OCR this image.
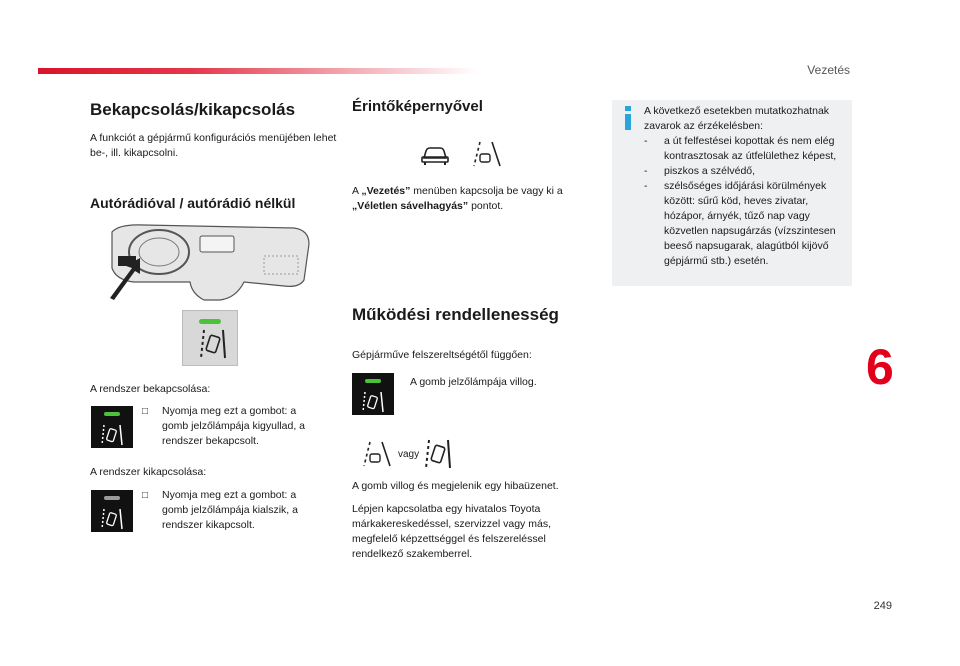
Vezetés
Bekapcsolás/kikapcsolás

A funkciót a gépjármű konfigurációs menüjében lehet be-, ill. kikapcsolni.

Autórádióval / autórádió nélkül

A rendszer bekapcsolása:

□ Nyomja meg ezt a gombot: a gomb jelzőlámpája kigyullad, a rendszer bekapcsolt.

A rendszer kikapcsolása:

□ Nyomja meg ezt a gombot: a gomb jelzőlámpája kialszik, a rendszer kikapcsolt.
Érintőképernyővel

A „Vezetés” menüben kapcsolja be vagy ki a „Véletlen sávelhagyás” pontot.

Működési rendellenesség

Gépjárműve felszereltségétől függően:

A gomb jelzőlámpája villog.

vagy

A gomb villog és megjelenik egy hibaüzenet.

Lépjen kapcsolatba egy hivatalos Toyota márkakereskedéssel, szervizzel vagy más, megfelelő képzettséggel és felszereléssel rendelkező szakemberrel.

A következő esetekben mutatkozhatnak zavarok az érzékelésben:
- a út felfestései kopottak és nem elég kontrasztosak az útfelülethez képest,
- piszkos a szélvédő,
- szélsőséges időjárási körülmények között: sűrű köd, heves zivatar, hózápor, árnyék, tűző nap vagy közvetlen napsugárzás (vízszintesen beeső napsugarak, alagútból kijövő gépjármű stb.) esetén.
6
249
